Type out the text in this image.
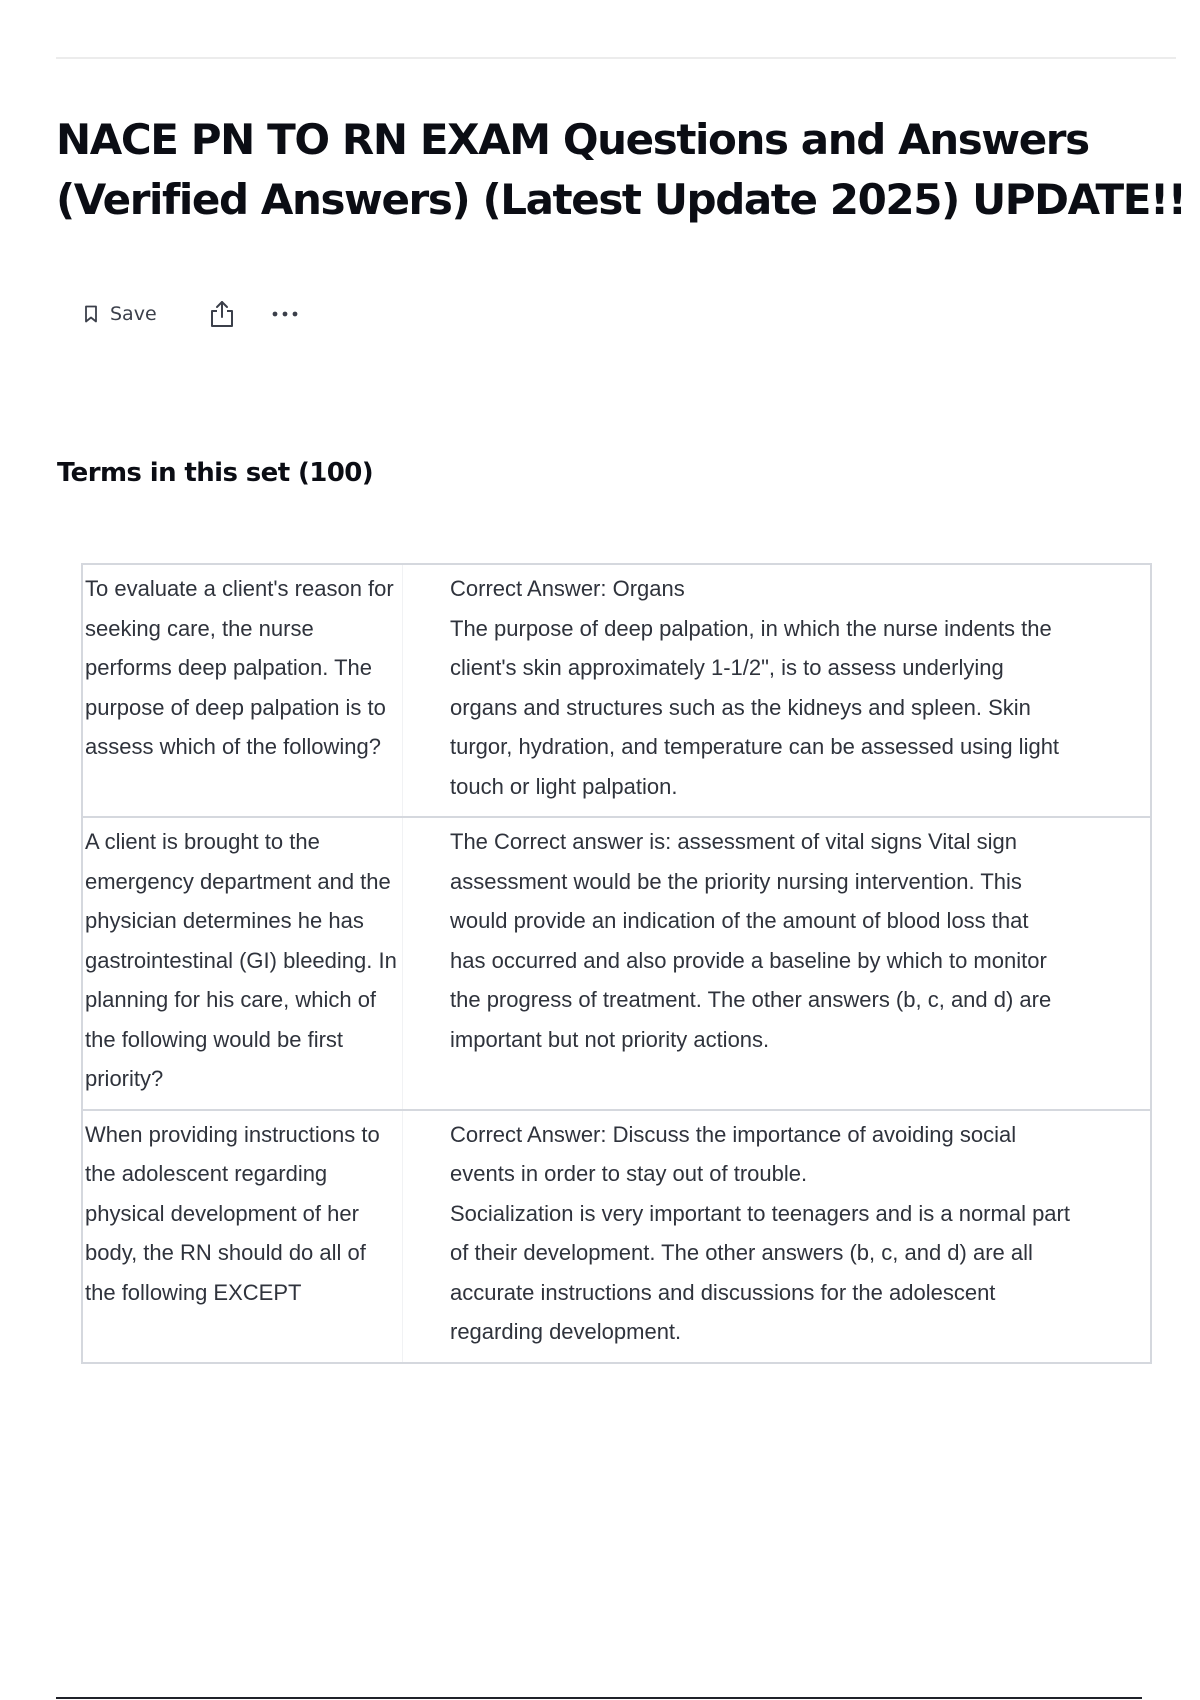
NACE PN TO RN EXAM Questions and Answers (Verified Answers) (Latest Update 2025) UPDATE!!
Save
Terms in this set (100)
To evaluate a client's reason for seeking care, the nurse performs deep palpation. The purpose of deep palpation is to assess which of the following?
Correct Answer: Organs
The purpose of deep palpation, in which the nurse indents the client's skin approximately 1-1/2", is to assess underlying organs and structures such as the kidneys and spleen. Skin turgor, hydration, and temperature can be assessed using light touch or light palpation.
A client is brought to the emergency department and the physician determines he has gastrointestinal (GI) bleeding. In planning for his care, which of the following would be first priority?
The Correct answer is: assessment of vital signs Vital sign assessment would be the priority nursing intervention. This would provide an indication of the amount of blood loss that has occurred and also provide a baseline by which to monitor the progress of treatment. The other answers (b, c, and d) are important but not priority actions.
When providing instructions to the adolescent regarding physical development of her body, the RN should do all of the following EXCEPT
Correct Answer: Discuss the importance of avoiding social events in order to stay out of trouble.
Socialization is very important to teenagers and is a normal part of their development. The other answers (b, c, and d) are all accurate instructions and discussions for the adolescent regarding development.
